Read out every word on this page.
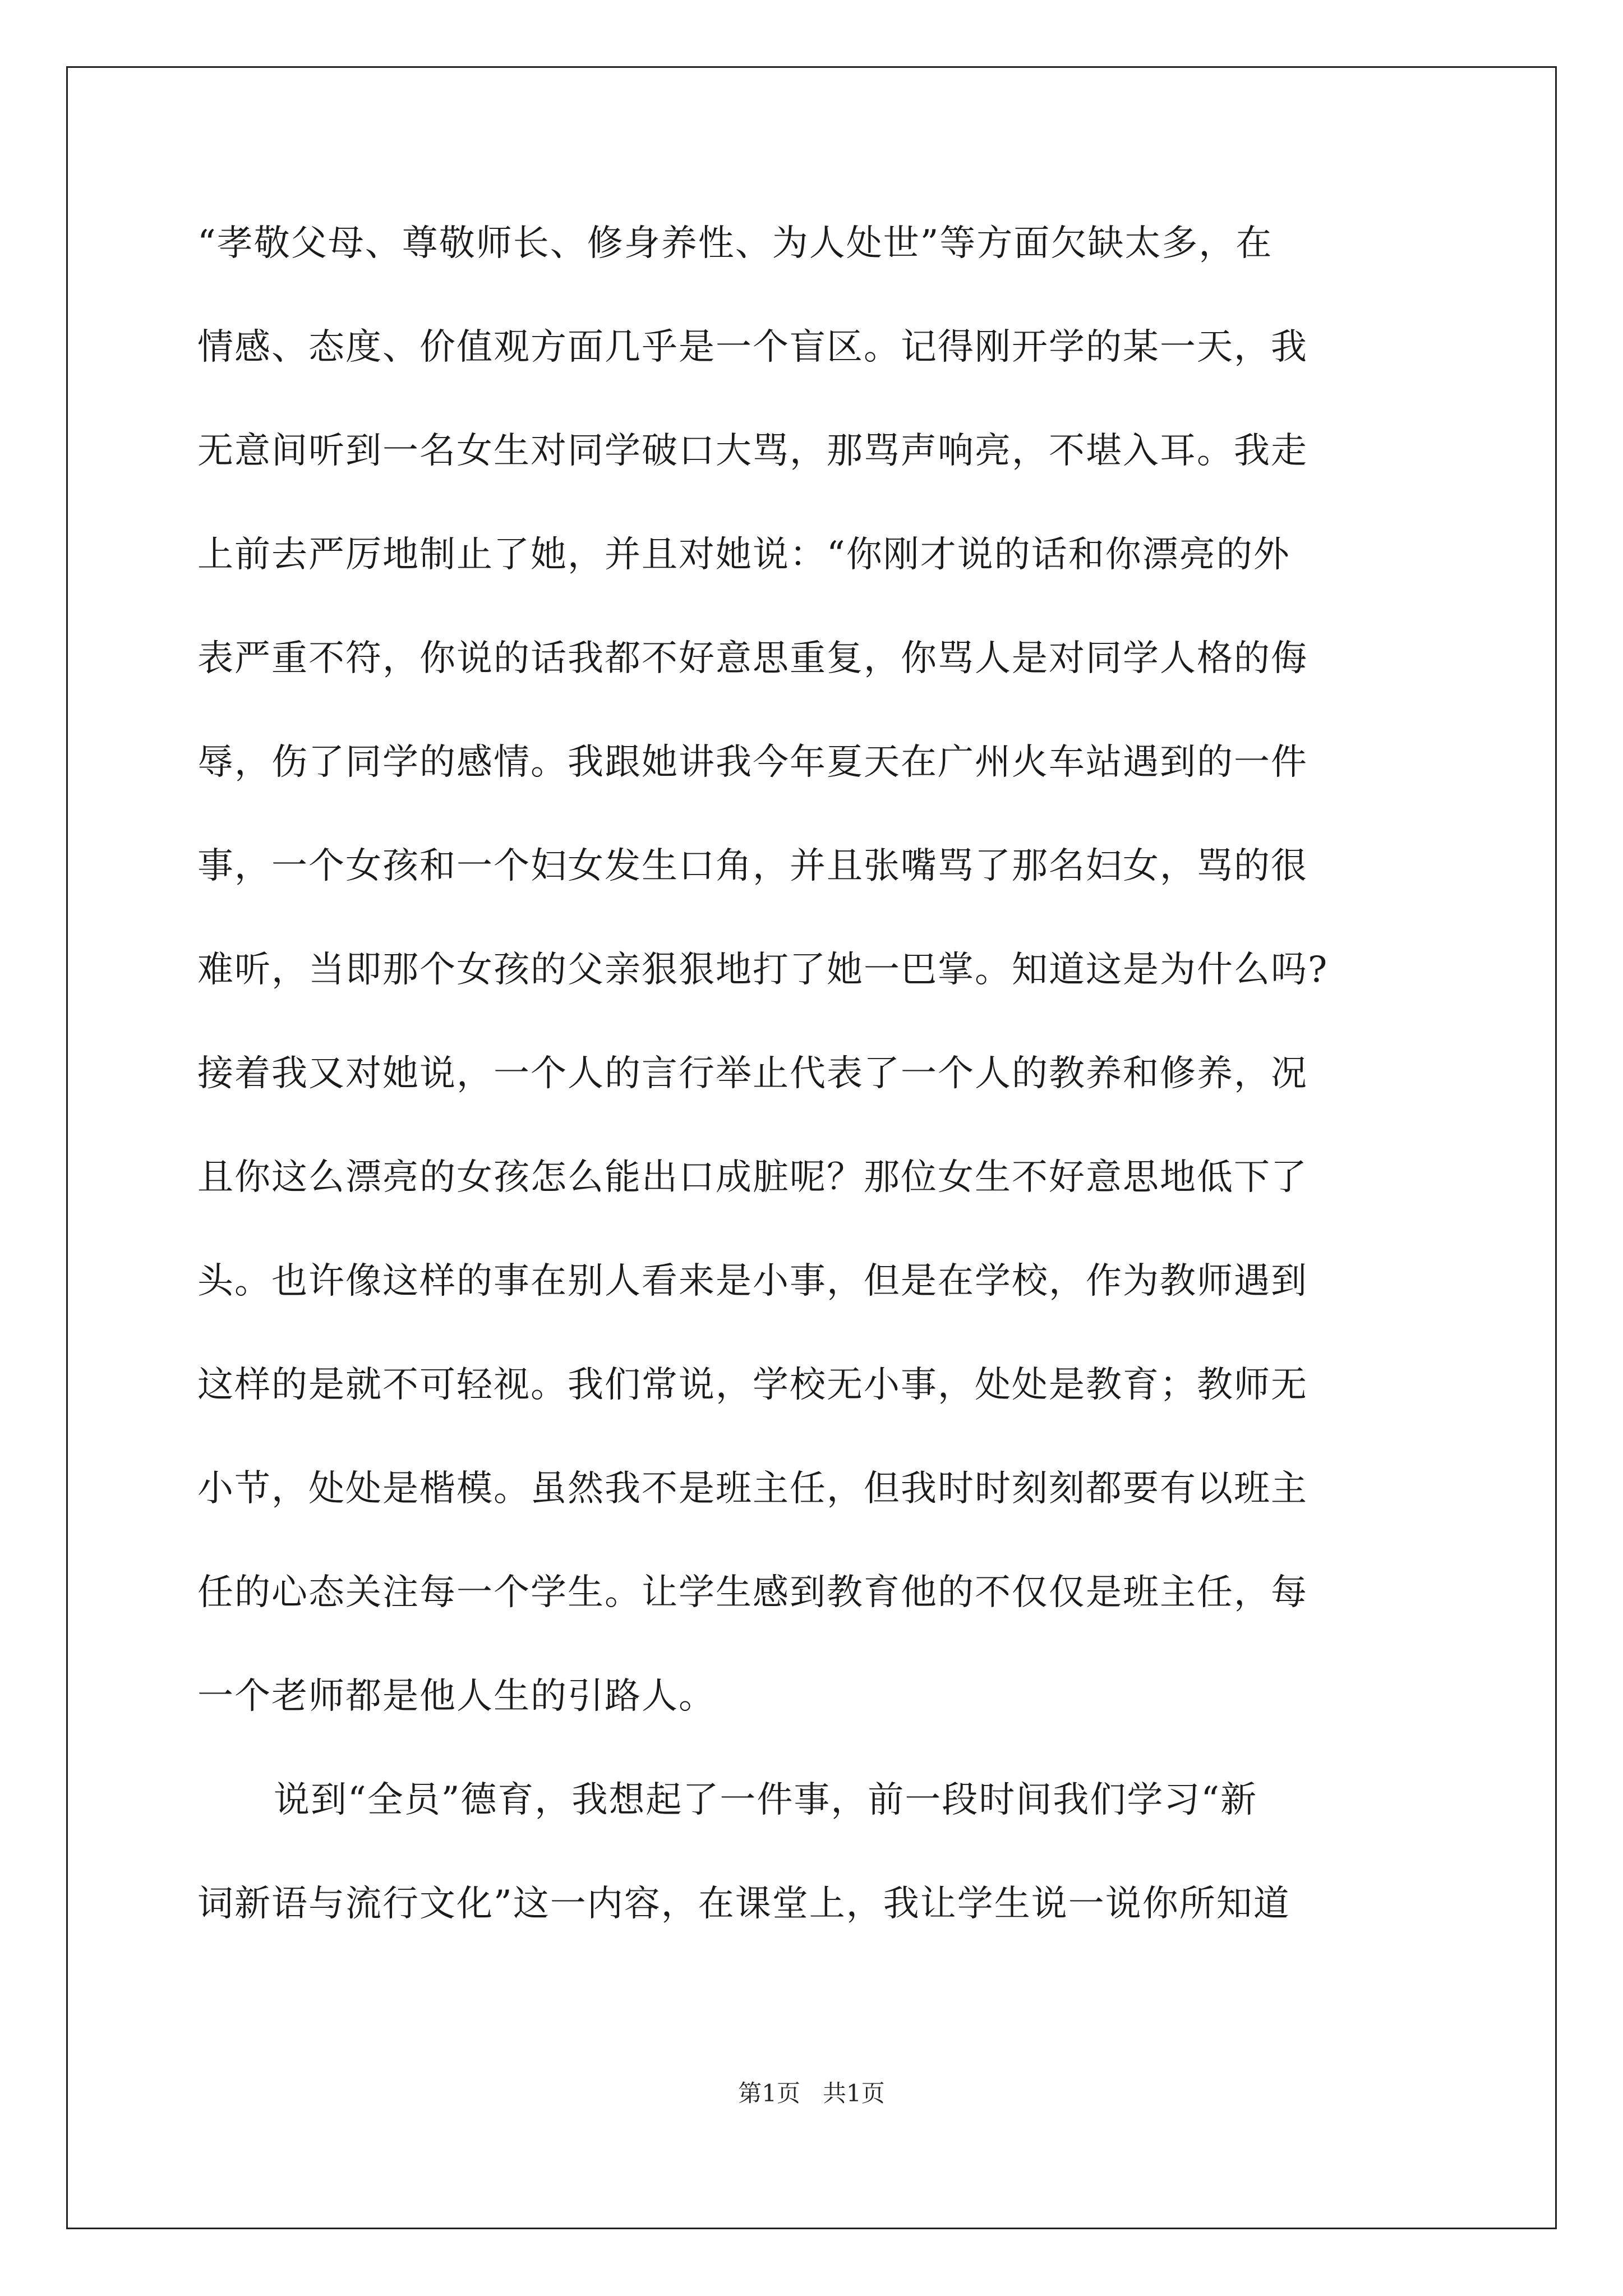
“孝敬父母、尊敬师长、修身养性、为人处世”等方面欠缺太多，在
情感、态度、价值观方面几乎是一个盲区。记得刚开学的某一天，我
无意间听到一名女生对同学破口大骂，那骂声响亮，不堪入耳。我走
上前去严厉地制止了她，并且对她说：“你刚才说的话和你漂亮的外
表严重不符，你说的话我都不好意思重复，你骂人是对同学人格的侮
辱，伤了同学的感情。我跟她讲我今年夏天在广州火车站遇到的一件
事，一个女孩和一个妇女发生口角，并且张嘴骂了那名妇女，骂的很
难听，当即那个女孩的父亲狠狠地打了她一巴掌。知道这是为什么吗?
接着我又对她说，一个人的言行举止代表了一个人的教养和修养，况
且你这么漂亮的女孩怎么能出口成脏呢？那位女生不好意思地低下了
头。也许像这样的事在别人看来是小事，但是在学校，作为教师遇到
这样的是就不可轻视。我们常说，学校无小事，处处是教育；教师无
小节，处处是楷模。虽然我不是班主任，但我时时刻刻都要有以班主
任的心态关注每一个学生。让学生感到教育他的不仅仅是班主任，每
一个老师都是他人生的引路人。
说到“全员”德育，我想起了一件事，前一段时间我们学习“新
词新语与流行文化”这一内容，在课堂上，我让学生说一说你所知道
第1页   共1页
